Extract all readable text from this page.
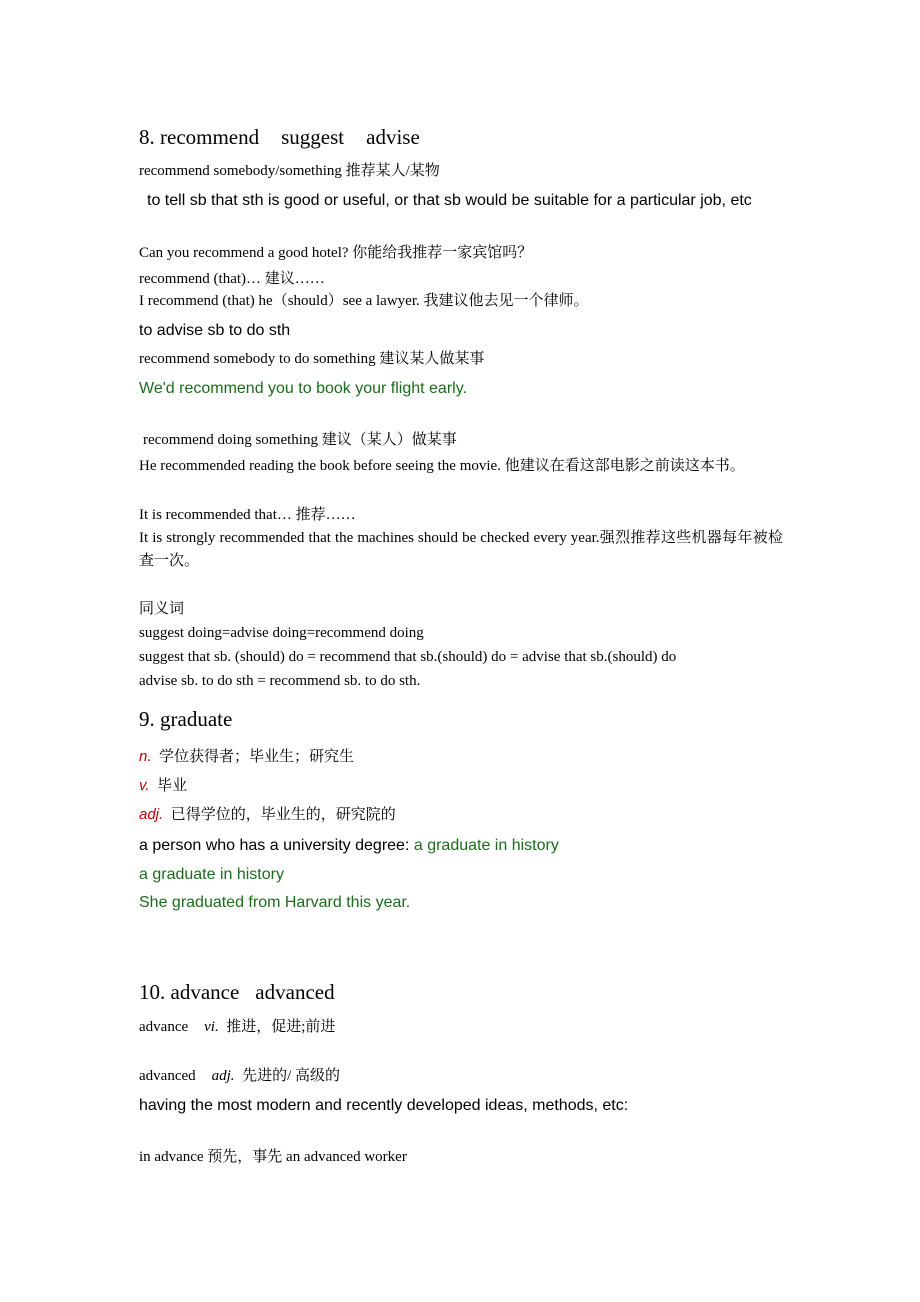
8. recommend suggest advise
recommend somebody/something 推荐某人/某物
to tell sb that sth is good or useful, or that sb would be suitable for a particular job, etc
Can you recommend a good hotel? 你能给我推荐一家宾馆吗？
recommend (that)… 建议……
I recommend (that) he（should）see a lawyer. 我建议他去见一个律师。
to advise sb to do sth
recommend somebody to do something 建议某人做某事
We'd recommend you to book your flight early.
recommend doing something 建议（某人）做某事
He recommended reading the book before seeing the movie. 他建议在看这部电影之前读这本书。
It is recommended that… 推荐……
It is strongly recommended that the machines should be checked every year.强烈推荐这些机器每年被检查一次。
同义词
suggest doing=advise doing=recommend doing
suggest that sb. (should) do = recommend that sb.(should) do = advise that sb.(should) do
advise sb. to do sth = recommend sb. to do sth.
9. graduate
n. 学位获得者；毕业生；研究生
v. 毕业
adj. 已得学位的，毕业生的，研究院的
a person who has a university degree: a graduate in history
a graduate in history
She graduated from Harvard this year.
10. advance advanced
advance vi. 推进，促进;前进
advanced adj. 先进的/ 高级的
having the most modern and recently developed ideas, methods, etc:
in advance 预先，事先 an advanced worker
